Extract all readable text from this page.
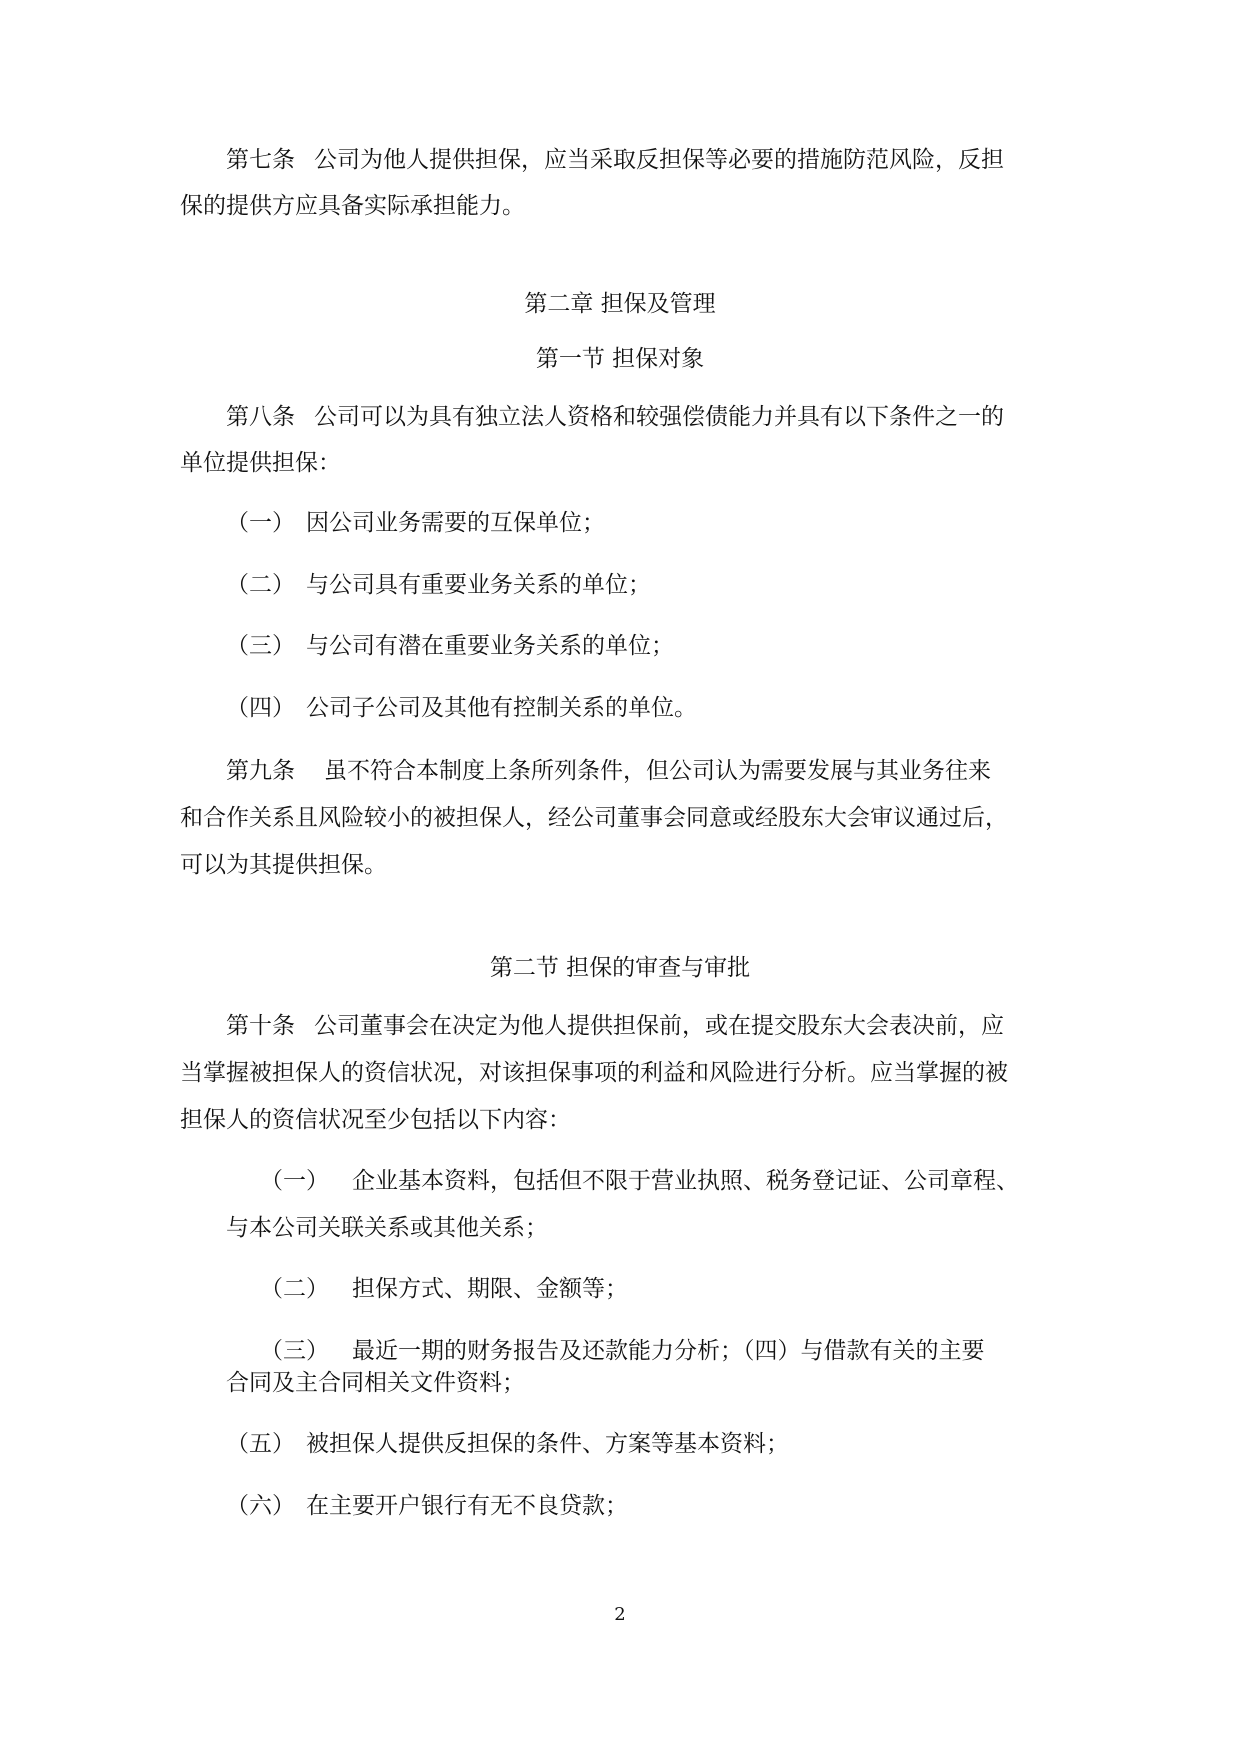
第七条 公司为他人提供担保，应当采取反担保等必要的措施防范风险，反担

保的提供方应具备实际承担能力。

第二章 担保及管理

第一节 担保对象

第八条 公司可以为具有独立法人资格和较强偿债能力并具有以下条件之一的

单位提供担保：

（一） 因公司业务需要的互保单位；

（二） 与公司具有重要业务关系的单位；

（三） 与公司有潜在重要业务关系的单位；

（四） 公司子公司及其他有控制关系的单位。

第九条 虽不符合本制度上条所列条件，但公司认为需要发展与其业务往来

和合作关系且风险较小的被担保人，经公司董事会同意或经股东大会审议通过后，

可以为其提供担保。

第二节 担保的审查与审批

第十条 公司董事会在决定为他人提供担保前，或在提交股东大会表决前，应

当掌握被担保人的资信状况，对该担保事项的利益和风险进行分析。应当掌握的被

担保人的资信状况至少包括以下内容：

（一） 企业基本资料，包括但不限于营业执照、税务登记证、公司章程、

与本公司关联关系或其他关系；

（二） 担保方式、期限、金额等；

（三） 最近一期的财务报告及还款能力分析；（四）与借款有关的主要

合同及主合同相关文件资料；

（五） 被担保人提供反担保的条件、方案等基本资料；

（六） 在主要开户银行有无不良贷款；

2
